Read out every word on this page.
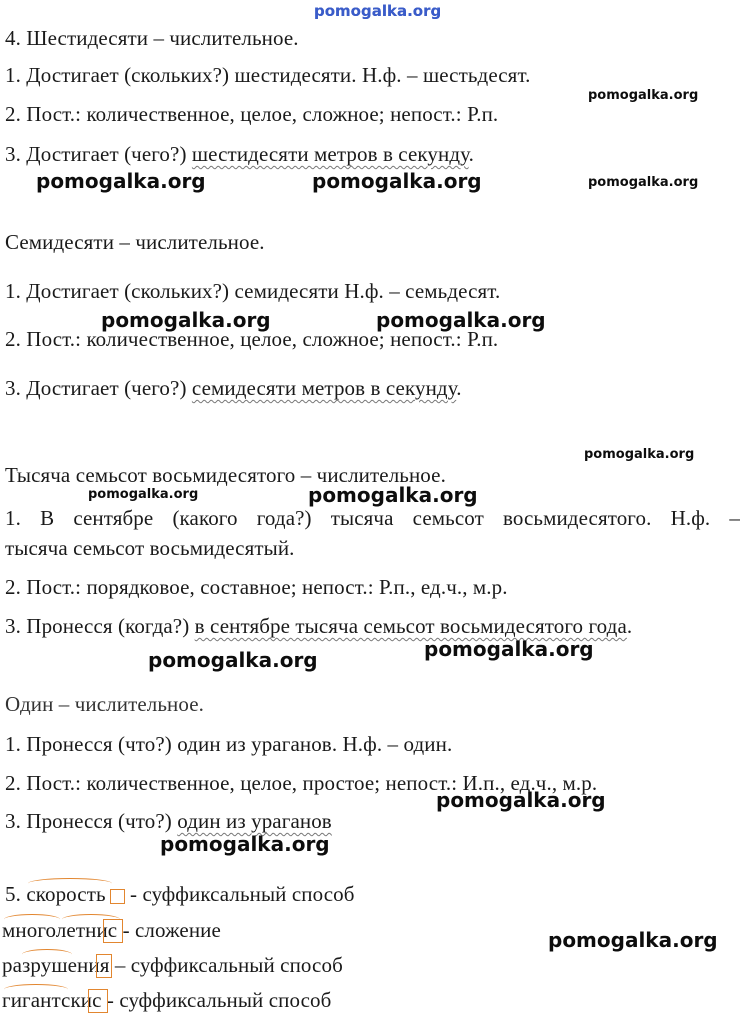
pomogalka.org
4. Шестидесяти – числительное.
1. Достигает (скольких?) шестидесяти. Н.ф. – шестьдесят.
pomogalka.org
2. Пост.: количественное, целое, сложное; непост.: Р.п.
3. Достигает (чего?) шестидесяти метров в секунду.
pomogalka.org	pomogalka.org	pomogalka.org
Семидесяти – числительное.
1. Достигает (скольких?) семидесяти Н.ф. – семьдесят.
pomogalka.org	pomogalka.org
2. Пост.: количественное, целое, сложное; непост.: Р.п.
3. Достигает (чего?) семидесяти метров в секунду.
pomogalka.org
Тысяча семьсот восьмидесятого – числительное.
pomogalka.org	pomogalka.org
1. В сентябре (какого года?) тысяча семьсот восьмидесятого. Н.ф. –
тысяча семьсот восьмидесятый.
2. Пост.: порядковое, составное; непост.: Р.п., ед.ч., м.р.
3. Пронесся (когда?) в сентябре тысяча семьсот восьмидесятого года.
pomogalka.org
pomogalka.org
Один – числительное.
1. Пронесся (что?) один из ураганов. Н.ф. – один.
2. Пост.: количественное, целое, простое; непост.: И.п., ед.ч., м.р.
pomogalka.org
3. Пронесся (что?) один из ураганов
pomogalka.org
5.
скорость - суффиксальный способ
многолетнис
- сложение
разрушения
– суффиксальный способ
гигантскис
- суффиксальный способ
pomogalka.org
